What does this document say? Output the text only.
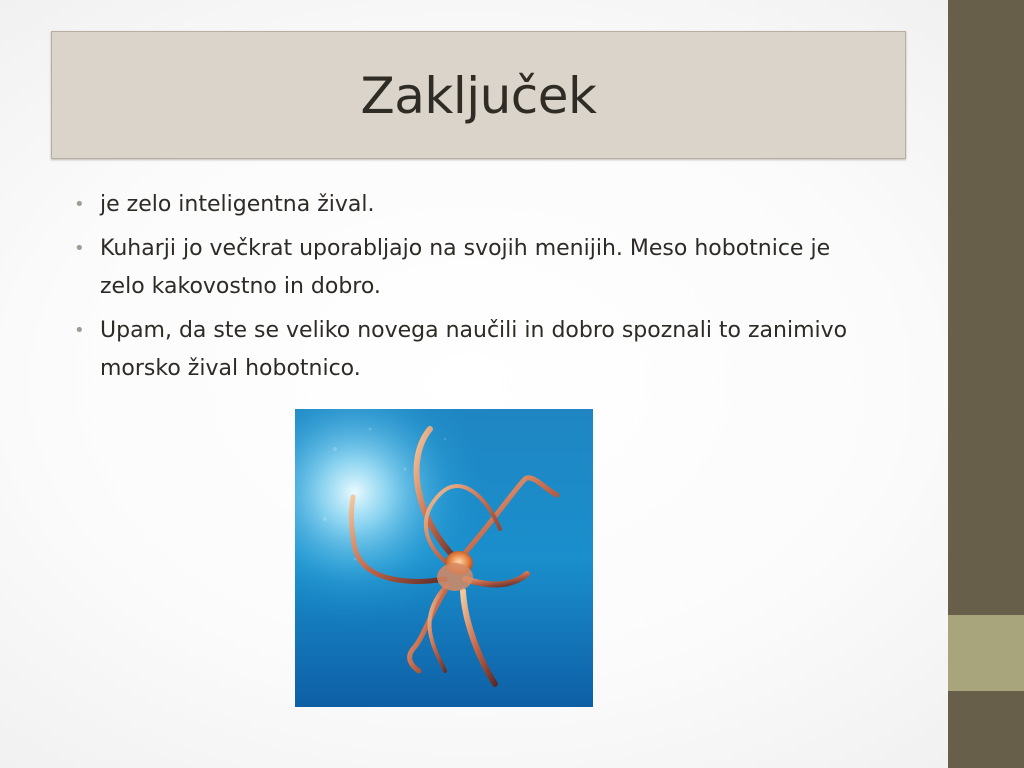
Zaključek
• je zelo inteligentna žival.
• Kuharji jo večkrat uporabljajo na svojih menijih. Meso hobotnice je zelo kakovostno in dobro.
• Upam, da ste se veliko novega naučili in dobro spoznali to zanimivo morsko žival hobotnico.
